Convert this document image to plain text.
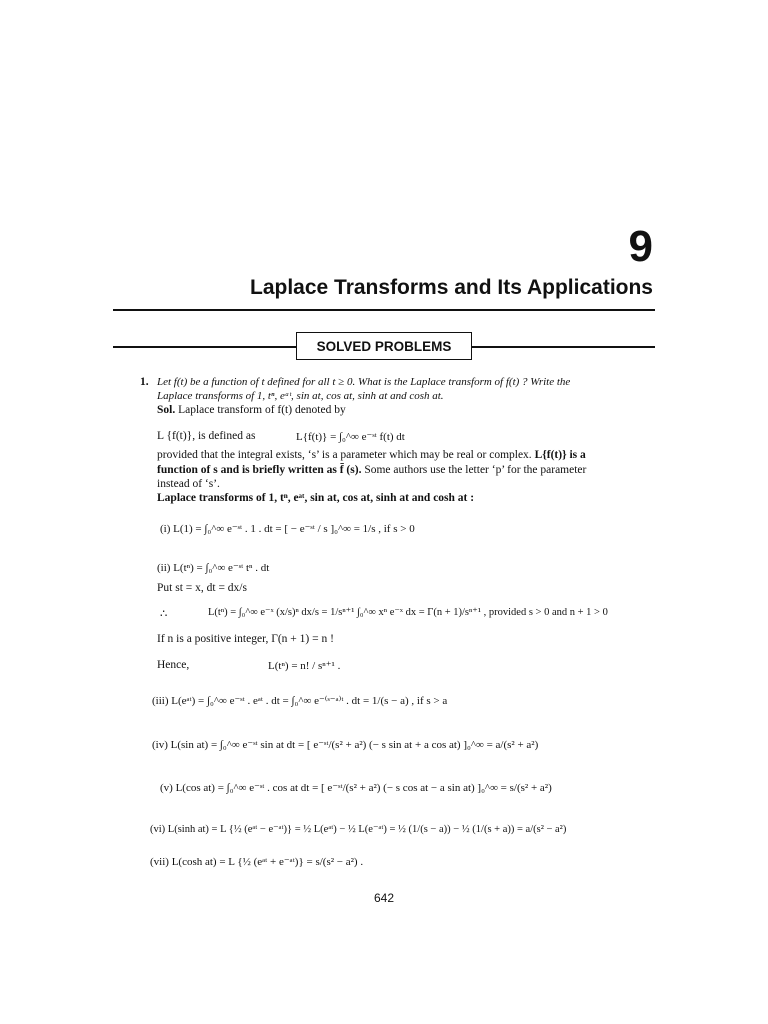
9
Laplace Transforms and Its Applications
SOLVED PROBLEMS
1. Let f(t) be a function of t defined for all t ≥ 0. What is the Laplace transform of f(t) ? Write the
Laplace transforms of 1, tⁿ, eᵃᵗ, sin at, cos at, sinh at and cosh at.
Sol. Laplace transform of f(t) denoted by
L {f(t)}, is defined as	L{f(t)} = ∫₀^∞ e⁻ˢᵗ f(t) dt
provided that the integral exists, ‘s’ is a parameter which may be real or complex. L{f(t)} is a
function of s and is briefly written as f̄ (s). Some authors use the letter ‘p’ for the parameter
instead of ‘s’.
Laplace transforms of 1, tⁿ, eᵃᵗ, sin at, cos at, sinh at and cosh at :
(i) L(1) = ∫₀^∞ e⁻ˢᵗ . 1 . dt = [ − e⁻ˢᵗ / s ]₀^∞ = 1/s , if s > 0
(ii) L(tⁿ) = ∫₀^∞ e⁻ˢᵗ tⁿ . dt
Put st = x, dt = dx/s
∴	L(tⁿ) = ∫₀^∞ e⁻ˣ (x/s)ⁿ dx/s = 1/sⁿ⁺¹ ∫₀^∞ xⁿ e⁻ˣ dx = Γ(n + 1)/sⁿ⁺¹ , provided s > 0 and n + 1 > 0
If n is a positive integer, Γ(n + 1) = n !
Hence,	L(tⁿ) = n! / sⁿ⁺¹ .
(iii) L(eᵃᵗ) = ∫₀^∞ e⁻ˢᵗ . eᵃᵗ . dt = ∫₀^∞ e⁻⁽ˢ⁻ᵃ⁾ᵗ . dt = 1/(s − a) , if s > a
(iv) L(sin at) = ∫₀^∞ e⁻ˢᵗ sin at dt = [ e⁻ˢᵗ/(s² + a²) (− s sin at + a cos at) ]₀^∞ = a/(s² + a²)
(v) L(cos at) = ∫₀^∞ e⁻ˢᵗ . cos at dt = [ e⁻ˢᵗ/(s² + a²) (− s cos at − a sin at) ]₀^∞ = s/(s² + a²)
(vi) L(sinh at) = L {½ (eᵃᵗ − e⁻ᵃᵗ)} = ½ L(eᵃᵗ) − ½ L(e⁻ᵃᵗ) = ½ (1/(s − a)) − ½ (1/(s + a)) = a/(s² − a²)
(vii) L(cosh at) = L {½ (eᵃᵗ + e⁻ᵃᵗ)} = s/(s² − a²) .
642
